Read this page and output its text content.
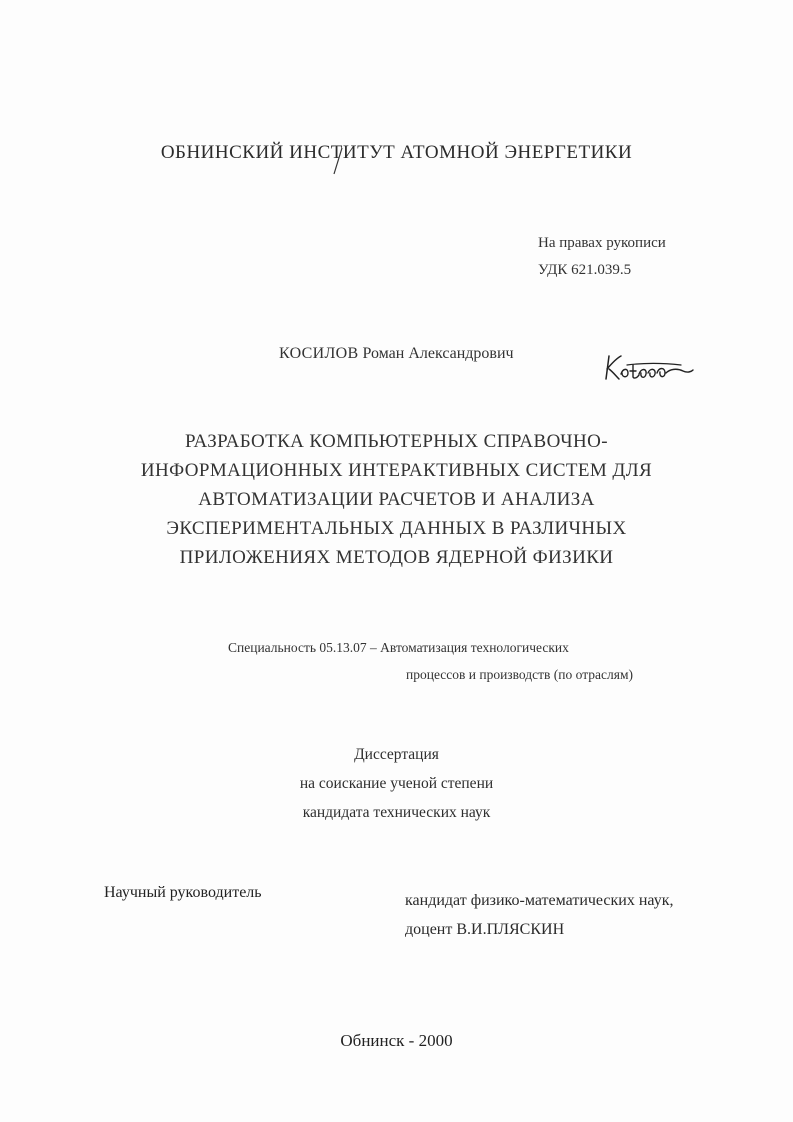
ОБНИНСКИЙ ИНСТИТУТ АТОМНОЙ ЭНЕРГЕТИКИ
На правах рукописи
УДК 621.039.5
КОСИЛОВ Роман Александрович
РАЗРАБОТКА КОМПЬЮТЕРНЫХ СПРАВОЧНО-
ИНФОРМАЦИОННЫХ ИНТЕРАКТИВНЫХ СИСТЕМ ДЛЯ
АВТОМАТИЗАЦИИ РАСЧЕТОВ И АНАЛИЗА
ЭКСПЕРИМЕНТАЛЬНЫХ ДАННЫХ В РАЗЛИЧНЫХ
ПРИЛОЖЕНИЯХ МЕТОДОВ ЯДЕРНОЙ ФИЗИКИ
Специальность 05.13.07 – Автоматизация технологических
процессов и производств (по отраслям)
Диссертация
на соискание ученой степени
кандидата технических наук
Научный руководитель	кандидат физико-математических наук,
доцент В.И.ПЛЯСКИН
Обнинск - 2000
